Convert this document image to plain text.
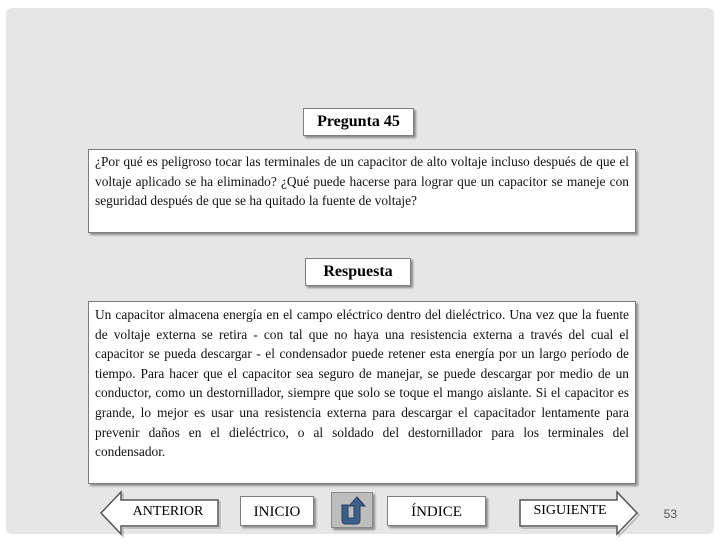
Pregunta 45
¿Por qué es peligroso tocar las terminales de un capacitor de alto voltaje incluso después de que el voltaje aplicado se ha eliminado? ¿Qué puede hacerse para lograr que un capacitor se maneje con seguridad después de que se ha quitado la fuente de voltaje?
Respuesta
Un capacitor almacena energía en el campo eléctrico dentro del dieléctrico. Una vez que la fuente de voltaje externa se retira - con tal que no haya una resistencia externa a través del cual el capacitor se pueda descargar - el condensador puede retener esta energía por un largo período de tiempo. Para hacer que el capacitor sea seguro de manejar, se puede descargar por medio de un conductor, como un destornillador, siempre que solo se toque el mango aislante. Si el capacitor es grande, lo mejor es usar una resistencia externa para descargar el capacitador lentamente para prevenir daños en el dieléctrico, o al soldado del destornillador para los terminales del condensador.
ANTERIOR	INICIO	ÍNDICE	SIGUIENTE	53
